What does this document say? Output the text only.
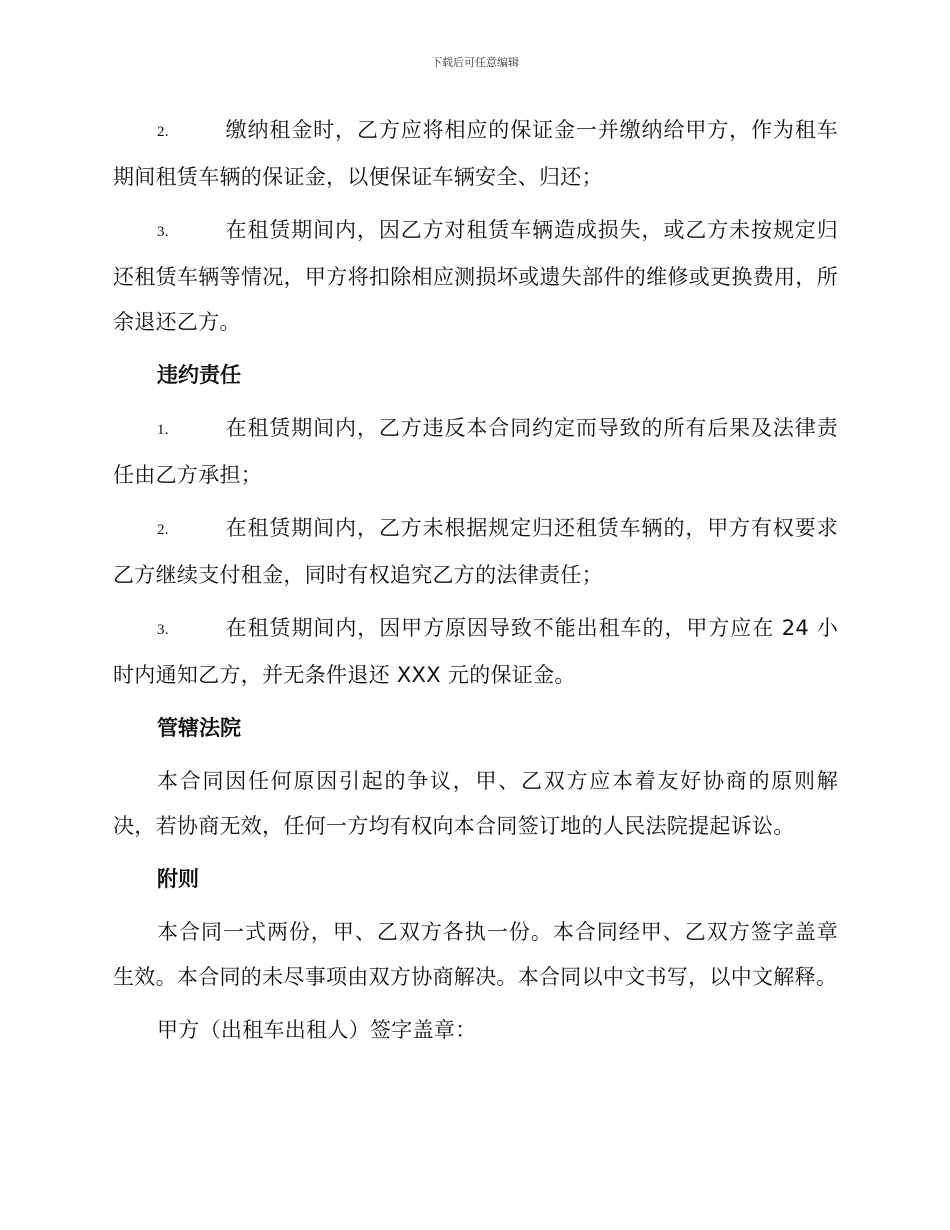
下载后可任意编辑

2.	缴纳租金时，乙方应将相应的保证金一并缴纳给甲方，作为租车期间租赁车辆的保证金，以便保证车辆安全、归还；

3.	在租赁期间内，因乙方对租赁车辆造成损失，或乙方未按规定归还租赁车辆等情况，甲方将扣除相应测损坏或遗失部件的维修或更换费用，所余退还乙方。

违约责任

1.	在租赁期间内，乙方违反本合同约定而导致的所有后果及法律责任由乙方承担；

2.	在租赁期间内，乙方未根据规定归还租赁车辆的，甲方有权要求乙方继续支付租金，同时有权追究乙方的法律责任；

3.	在租赁期间内，因甲方原因导致不能出租车的，甲方应在 24 小时内通知乙方，并无条件退还 XXX 元的保证金。

管辖法院

本合同因任何原因引起的争议，甲、乙双方应本着友好协商的原则解决，若协商无效，任何一方均有权向本合同签订地的人民法院提起诉讼。

附则

本合同一式两份，甲、乙双方各执一份。本合同经甲、乙双方签字盖章生效。本合同的未尽事项由双方协商解决。本合同以中文书写，以中文解释。

甲方（出租车出租人）签字盖章：
